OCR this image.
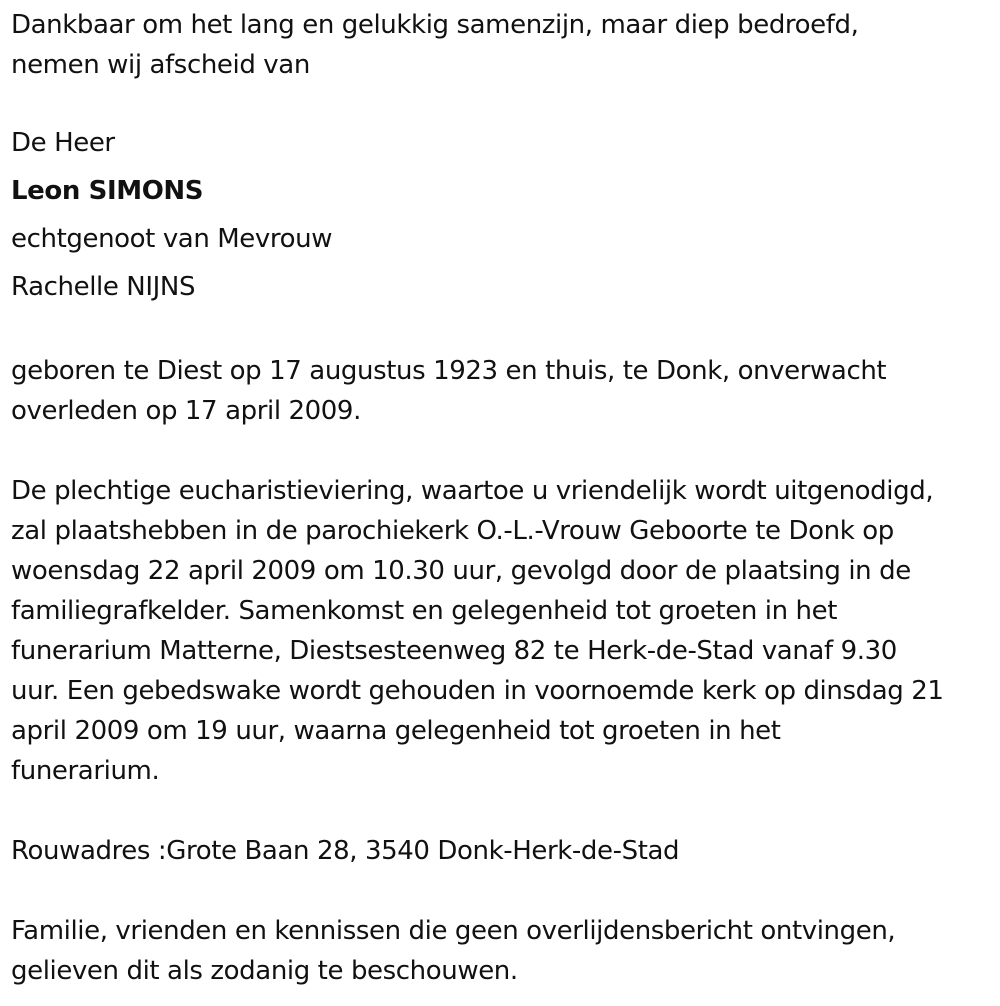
Dankbaar om het lang en gelukkig samenzijn, maar diep bedroefd,
nemen wij afscheid van

De Heer
Leon SIMONS
echtgenoot van Mevrouw
Rachelle NIJNS

geboren te Diest op 17 augustus 1923 en thuis, te Donk, onverwacht
overleden op 17 april 2009.

De plechtige eucharistieviering, waartoe u vriendelijk wordt uitgenodigd,
zal plaatshebben in de parochiekerk O.-L.-Vrouw Geboorte te Donk op
woensdag 22 april 2009 om 10.30 uur, gevolgd door de plaatsing in de
familiegrafkelder. Samenkomst en gelegenheid tot groeten in het
funerarium Matterne, Diestsesteenweg 82 te Herk-de-Stad vanaf 9.30
uur. Een gebedswake wordt gehouden in voornoemde kerk op dinsdag 21
april 2009 om 19 uur, waarna gelegenheid tot groeten in het
funerarium.

Rouwadres :Grote Baan 28, 3540 Donk-Herk-de-Stad

Familie, vrienden en kennissen die geen overlijdensbericht ontvingen,
gelieven dit als zodanig te beschouwen.
